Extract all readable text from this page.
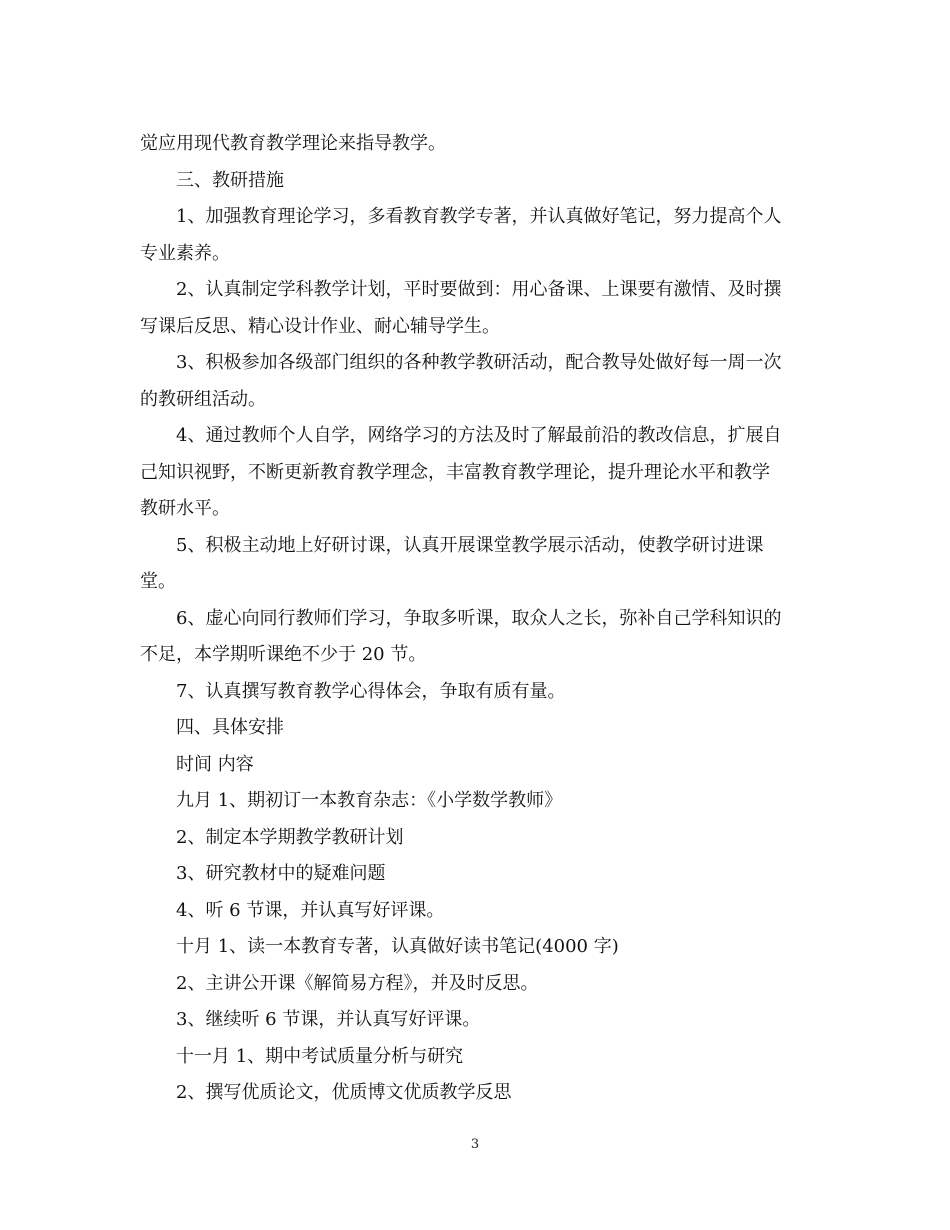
觉应用现代教育教学理论来指导教学。
三、教研措施
1、加强教育理论学习，多看教育教学专著，并认真做好笔记，努力提高个人
专业素养。
2、认真制定学科教学计划，平时要做到：用心备课、上课要有激情、及时撰
写课后反思、精心设计作业、耐心辅导学生。
3、积极参加各级部门组织的各种教学教研活动，配合教导处做好每一周一次
的教研组活动。
4、通过教师个人自学，网络学习的方法及时了解最前沿的教改信息，扩展自
己知识视野，不断更新教育教学理念，丰富教育教学理论，提升理论水平和教学
教研水平。
5、积极主动地上好研讨课，认真开展课堂教学展示活动，使教学研讨进课
堂。
6、虚心向同行教师们学习，争取多听课，取众人之长，弥补自己学科知识的
不足，本学期听课绝不少于 20 节。
7、认真撰写教育教学心得体会，争取有质有量。
四、具体安排
时间 内容
九月 1、期初订一本教育杂志：《小学数学教师》
2、制定本学期教学教研计划
3、研究教材中的疑难问题
4、听 6 节课，并认真写好评课。
十月 1、读一本教育专著，认真做好读书笔记(4000 字)
2、主讲公开课《解简易方程》，并及时反思。
3、继续听 6 节课，并认真写好评课。
十一月 1、期中考试质量分析与研究
2、撰写优质论文，优质博文优质教学反思
3
